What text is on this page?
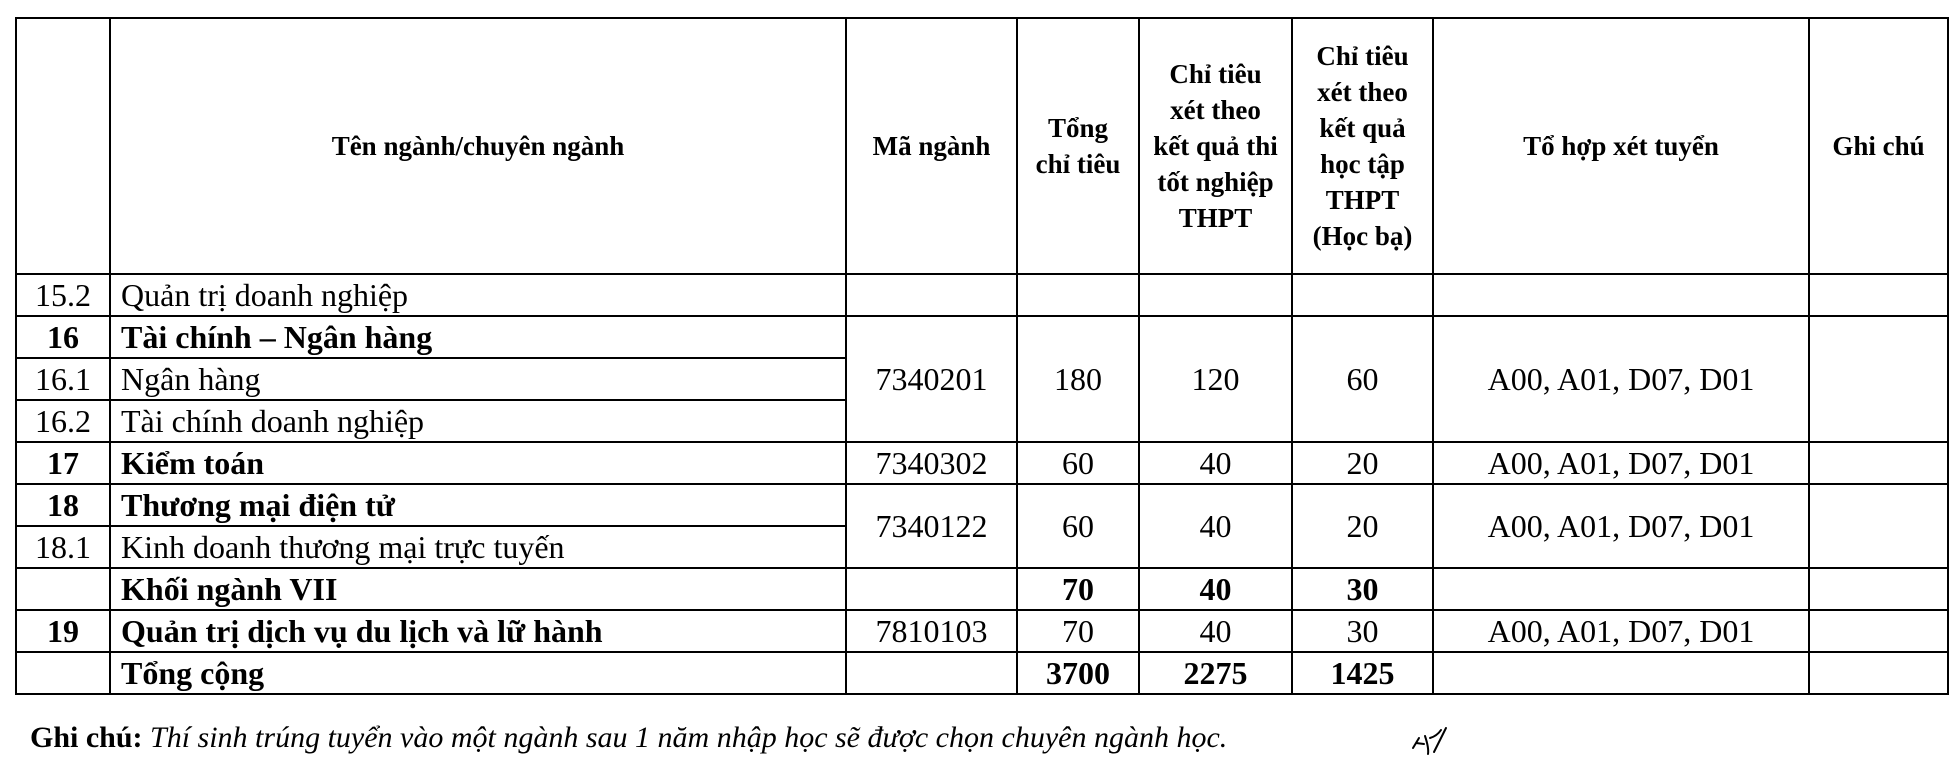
	Tên ngành/chuyên ngành	Mã ngành	Tổng chỉ tiêu	Chỉ tiêu xét theo kết quả thi tốt nghiệp THPT	Chỉ tiêu xét theo kết quả học tập THPT (Học bạ)	Tổ hợp xét tuyển	Ghi chú
15.2	Quản trị doanh nghiệp						
16	Tài chính – Ngân hàng	7340201	180	120	60	A00, A01, D07, D01	
16.1	Ngân hàng						
16.2	Tài chính doanh nghiệp						
17	Kiểm toán	7340302	60	40	20	A00, A01, D07, D01	
18	Thương mại điện tử	7340122	60	40	20	A00, A01, D07, D01	
18.1	Kinh doanh thương mại trực tuyến						
	Khối ngành VII		70	40	30		
19	Quản trị dịch vụ du lịch và lữ hành	7810103	70	40	30	A00, A01, D07, D01	
	Tổng cộng		3700	2275	1425		
Ghi chú: Thí sinh trúng tuyển vào một ngành sau 1 năm nhập học sẽ được chọn chuyên ngành học.
